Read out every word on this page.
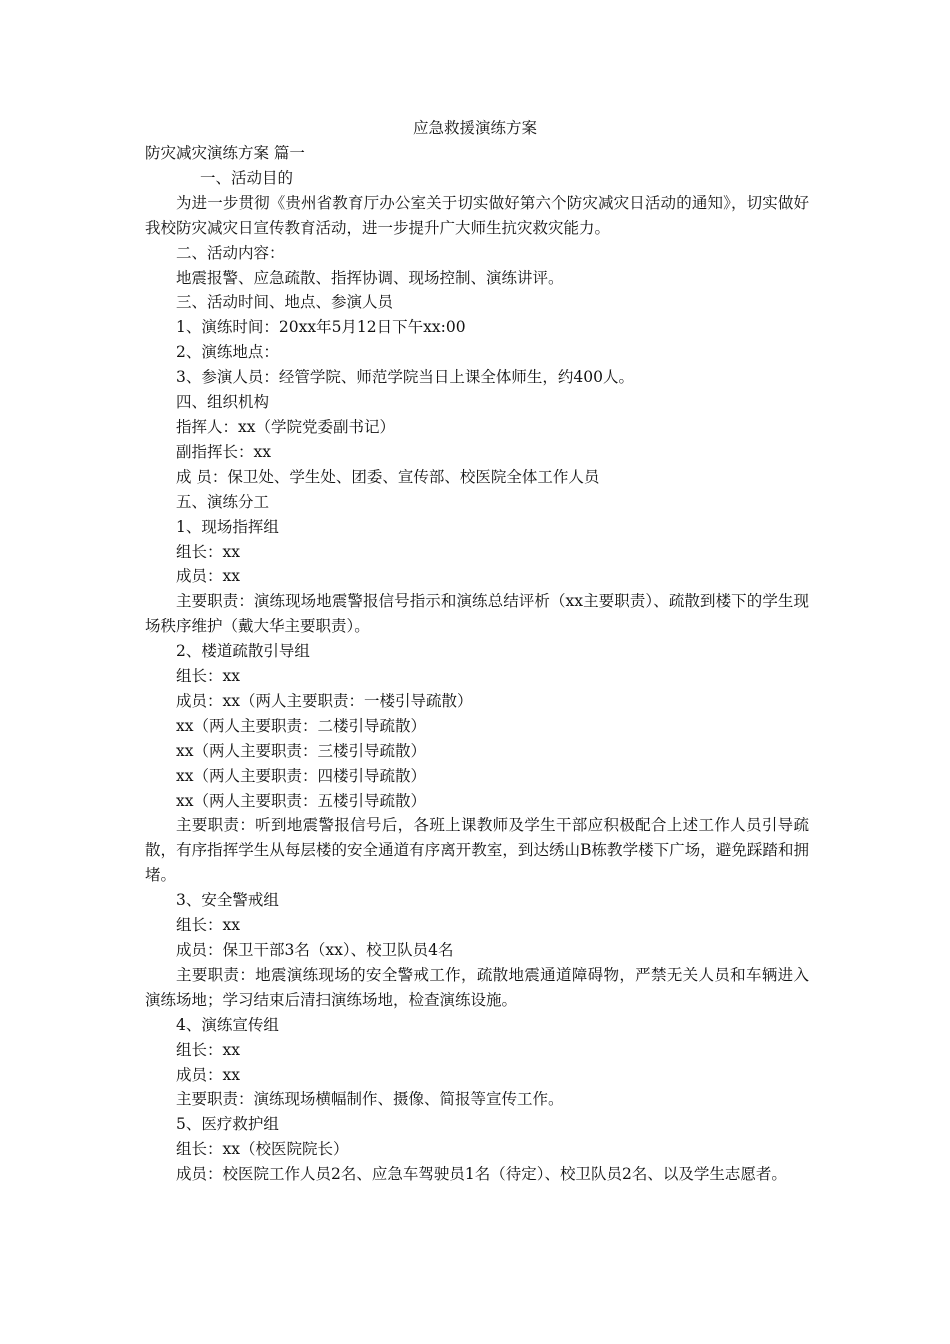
应急救援演练方案

防灾减灾演练方案 篇一

一、活动目的

为进一步贯彻《贵州省教育厅办公室关于切实做好第六个防灾减灾日活动的通知》，切实做好我校防灾减灾日宣传教育活动，进一步提升广大师生抗灾救灾能力。

二、活动内容：

地震报警、应急疏散、指挥协调、现场控制、演练讲评。

三、活动时间、地点、参演人员

1、演练时间：20xx年5月12日下午xx:00

2、演练地点：

3、参演人员：经管学院、师范学院当日上课全体师生，约400人。

四、组织机构

指挥人：xx（学院党委副书记）

副指挥长：xx

成 员：保卫处、学生处、团委、宣传部、校医院全体工作人员

五、演练分工

1、现场指挥组

组长：xx

成员：xx

主要职责：演练现场地震警报信号指示和演练总结评析（xx主要职责）、疏散到楼下的学生现场秩序维护（戴大华主要职责）。

2、楼道疏散引导组

组长：xx

成员：xx（两人主要职责：一楼引导疏散）

xx（两人主要职责：二楼引导疏散）

xx（两人主要职责：三楼引导疏散）

xx（两人主要职责：四楼引导疏散）

xx（两人主要职责：五楼引导疏散）

主要职责：听到地震警报信号后，各班上课教师及学生干部应积极配合上述工作人员引导疏散，有序指挥学生从每层楼的安全通道有序离开教室，到达绣山B栋教学楼下广场，避免踩踏和拥堵。

3、安全警戒组

组长：xx

成员：保卫干部3名（xx）、校卫队员4名

主要职责：地震演练现场的安全警戒工作，疏散地震通道障碍物，严禁无关人员和车辆进入演练场地；学习结束后清扫演练场地，检查演练设施。

4、演练宣传组

组长：xx

成员：xx

主要职责：演练现场横幅制作、摄像、简报等宣传工作。

5、医疗救护组

组长：xx（校医院院长）

成员：校医院工作人员2名、应急车驾驶员1名（待定）、校卫队员2名、以及学生志愿者。
